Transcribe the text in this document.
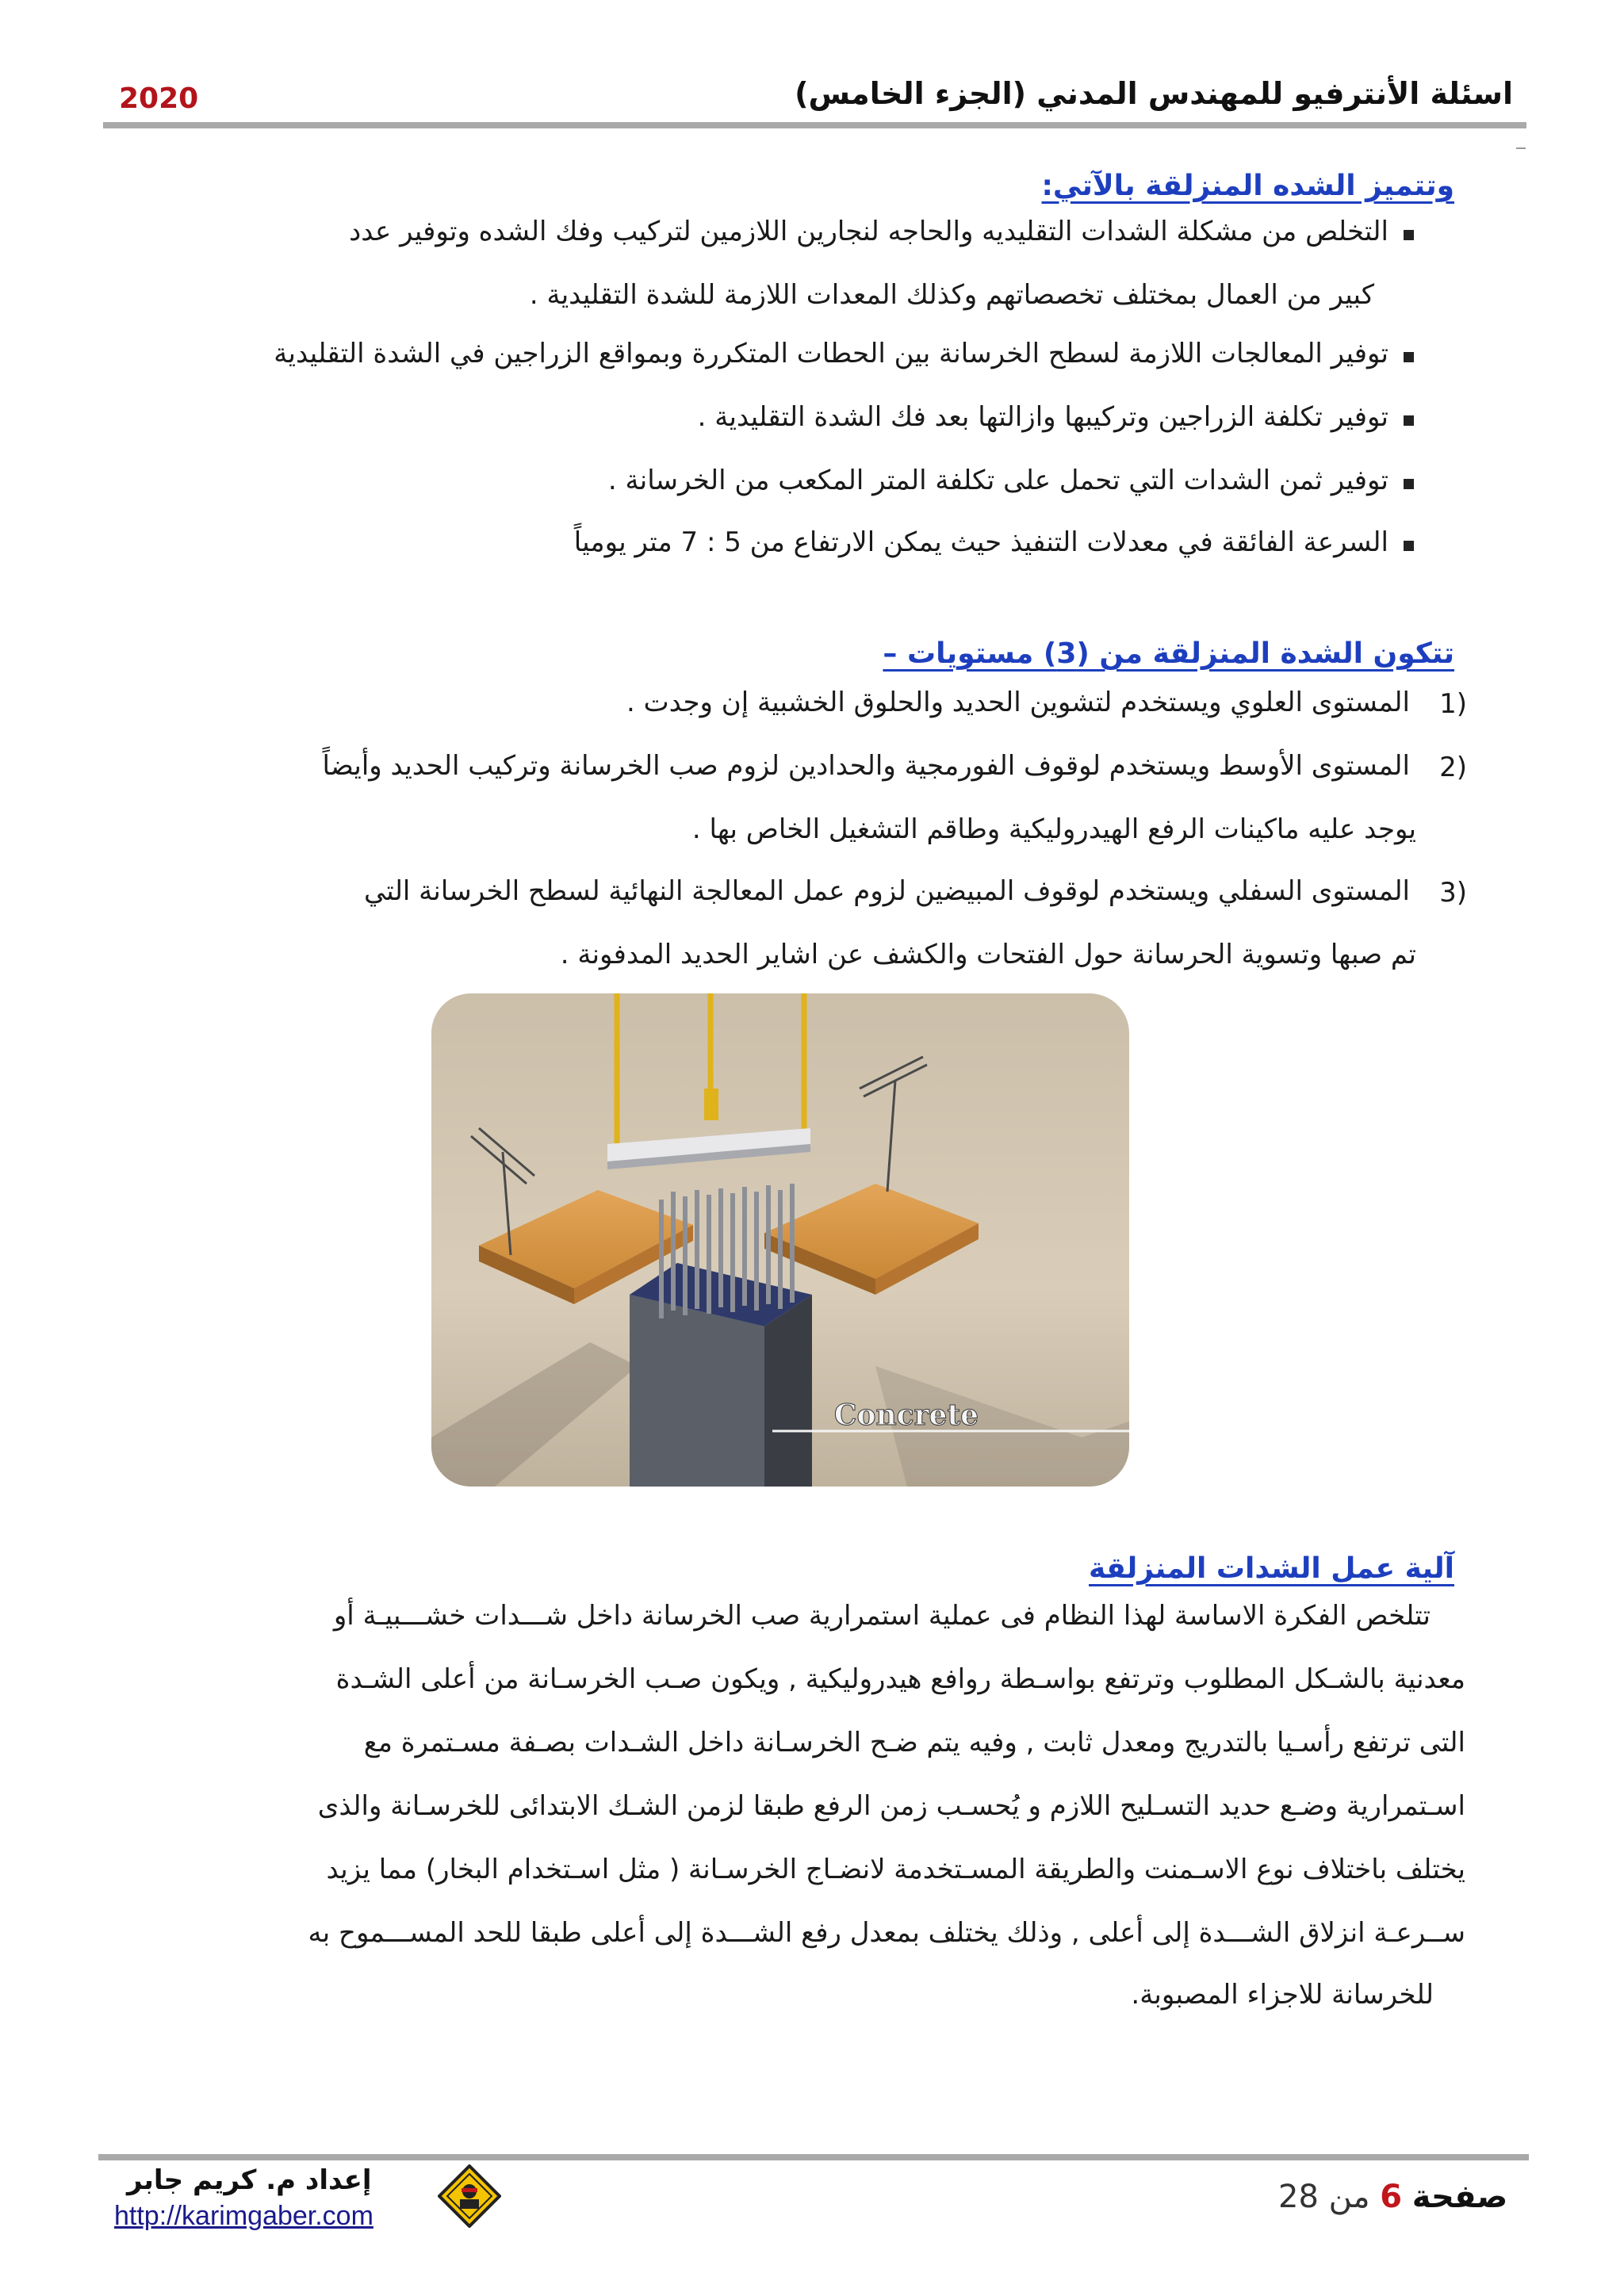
اسئلة الأنترفيو للمهندس المدني (الجزء الخامس)
2020
وتتميز الشده المنزلقة بالآتي:
التخلص من مشكلة الشدات التقليديه والحاجه لنجارين اللازمين لتركيب وفك الشده وتوفير عدد
كبير من العمال بمختلف تخصصاتهم وكذلك المعدات اللازمة للشدة التقليدية .
توفير المعالجات اللازمة لسطح الخرسانة بين الحطات المتكررة وبمواقع الزراجين في الشدة التقليدية
توفير تكلفة الزراجين وتركيبها وازالتها بعد فك الشدة التقليدية .
توفير ثمن الشدات التي تحمل على تكلفة المتر المكعب من الخرسانة .
السرعة الفائقة في معدلات التنفيذ حيث يمكن الارتفاع من 5 : 7 متر يومياً
تتكون الشدة المنزلقة من (3) مستويات –
1)
المستوى العلوي ويستخدم لتشوين الحديد والحلوق الخشبية إن وجدت .
2)
المستوى الأوسط ويستخدم لوقوف الفورمجية والحدادين لزوم صب الخرسانة وتركيب الحديد وأيضاً
يوجد عليه ماكينات الرفع الهيدروليكية وطاقم التشغيل الخاص بها .
3)
المستوى السفلي ويستخدم لوقوف المبيضين لزوم عمل المعالجة النهائية لسطح الخرسانة التي
تم صبها وتسوية الحرسانة حول الفتحات والكشف عن اشاير الحديد المدفونة .
Concrete
آلية عمل الشدات المنزلقة
تتلخص الفكرة الاساسة لهذا النظام فى عملية استمرارية صب الخرسانة داخل شـــدات خشـــبيـة أو
معدنية بالشـكل المطلوب وترتفع بواسـطة روافع هيدروليكية , ويكون صـب الخرسـانة من أعلى الشـدة
التى ترتفع رأسـيا بالتدريج ومعدل ثابت , وفيه يتم ضـح الخرسـانة داخل الشـدات بصـفة مسـتمرة مع
اسـتمرارية وضـع حديد التسـليح اللازم و يُحسـب زمن الرفع طبقا لزمن الشـك الابتدائى للخرسـانة والذى
يختلف باختلاف نوع الاسـمنت والطريقة المسـتخدمة لانضـاج الخرسـانة ( مثل اسـتخدام البخار) مما يزيد
ســرعـة انزلاق الشـــدة إلى أعلى , وذلك يختلف بمعدل رفع الشـــدة إلى أعلى طبقا للحد المســـموح به
للخرسانة للاجزاء المصبوبة.
إعداد م. كريم جابر
http://karimgaber.com
صفحة 6 من 28
